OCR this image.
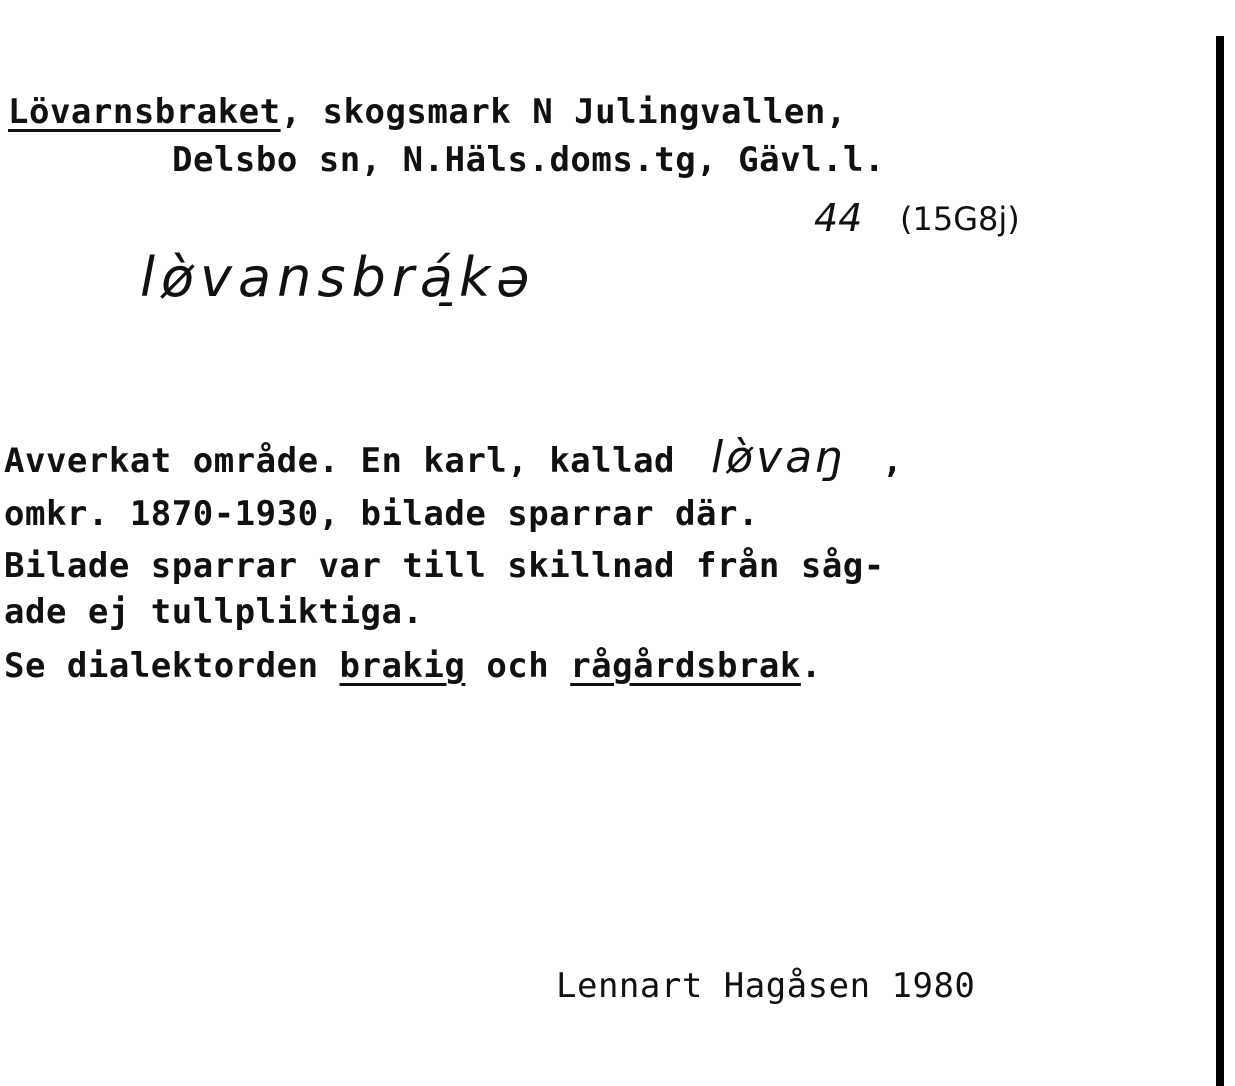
Lövarnsbraket, skogsmark N Julingvallen,
Delsbo sn, N.Häls.doms.tg, Gävl.l.
44 (15G8j)
lø̀vansbrá̠kə
Avverkat område. En karl, kallad lø̀vaŋ ,
omkr. 1870-1930, bilade sparrar där.
Bilade sparrar var till skillnad från såg-
ade ej tullpliktiga.
Se dialektorden brakig och rågårdsbrak.
Lennart Hagåsen 1980
